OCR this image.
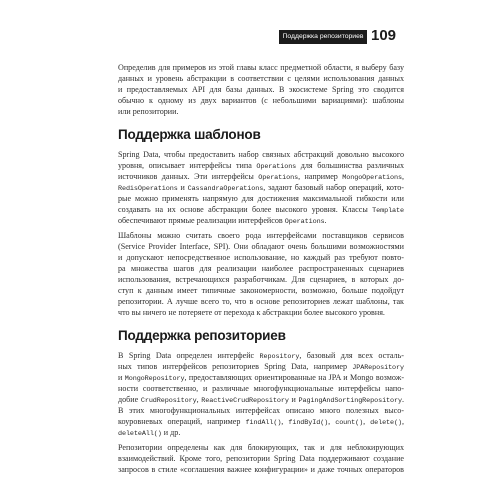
Поддержка репозиториев 109
Определив для примеров из этой главы класс предметной области, я выберу базу
данных и уровень абстракции в соответствии с целями использования данных
и предоставляемых API для базы данных. В экосистеме Spring это сводится
обычно к одному из двух вариантов (с небольшими вариациями): шаблоны
или репозитории.
Поддержка шаблонов
Spring Data, чтобы предоставить набор связных абстракций довольно высокого
уровня, описывает интерфейсы типа Operations для большинства различных
источников данных. Эти интерфейсы Operations, например MongoOperations,
RedisOperations и CassandraOperations, задают базовый набор операций, кото-
рые можно применять напрямую для достижения максимальной гибкости или
создавать на их основе абстракции более высокого уровня. Классы Template
обеспечивают прямые реализации интерфейсов Operations.
Шаблоны можно считать своего рода интерфейсами поставщиков сервисов
(Service Provider Interface, SPI). Они обладают очень большими возможностями
и допускают непосредственное использование, но каждый раз требуют повто-
ра множества шагов для реализации наиболее распространенных сценариев
использования, встречающихся разработчикам. Для сценариев, в которых до-
ступ к данным имеет типичные закономерности, возможно, больше подойдут
репозитории. А лучше всего то, что в основе репозиториев лежат шаблоны, так
что вы ничего не потеряете от перехода к абстракции более высокого уровня.
Поддержка репозиториев
В Spring Data определен интерфейс Repository, базовый для всех осталь-
ных типов интерфейсов репозиториев Spring Data, например JPARepository
и MongoRepository, предоставляющих ориентированные на JPA и Mongo возмож-
ности соответственно, и различные многофункциональные интерфейсы напо-
добие CrudRepository, ReactiveCrudRepository и PagingAndSortingRepository.
В этих многофункциональных интерфейсах описано много полезных высо-
коуровневых операций, например findAll(), findById(), count(), delete(),
deleteAll() и др.
Репозитории определены как для блокирующих, так и для неблокирующих
взаимодействий. Кроме того, репозитории Spring Data поддерживают создание
запросов в стиле «соглашения важнее конфигурации» и даже точных операторов
